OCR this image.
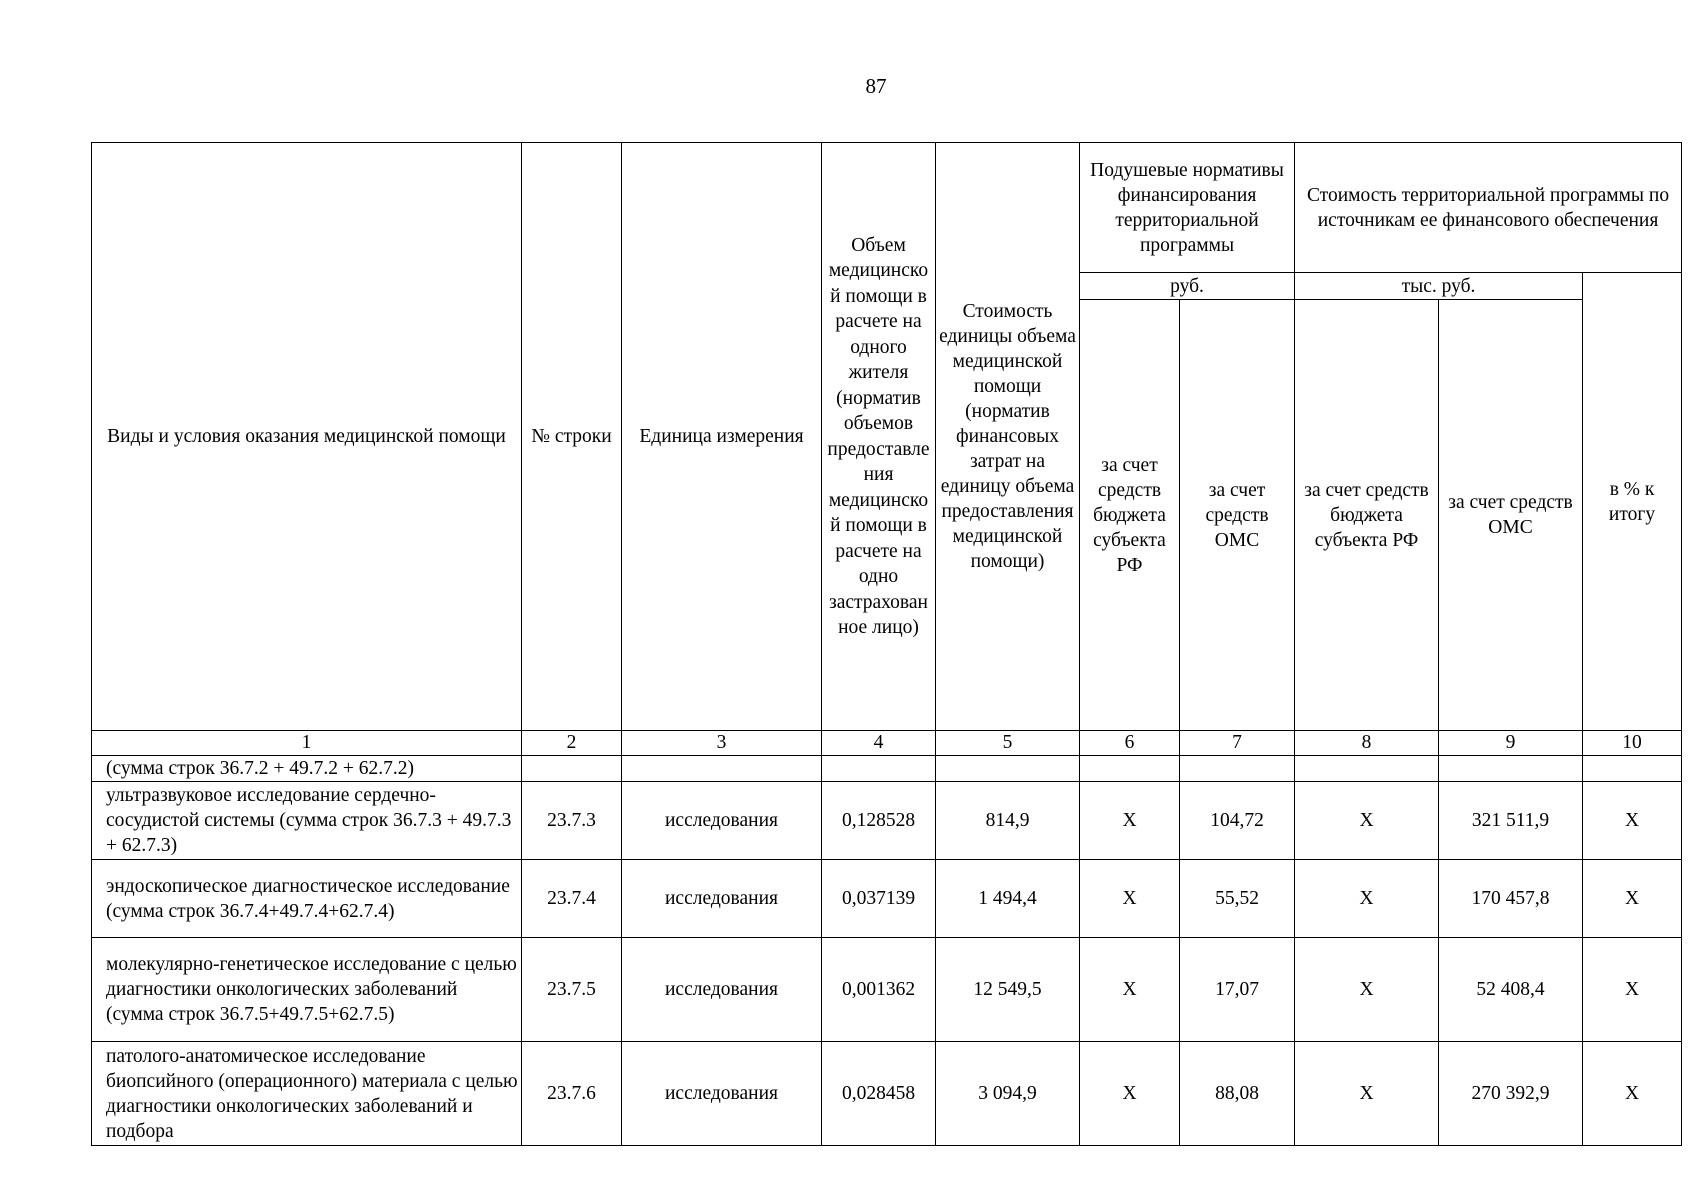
87
Виды и условия оказания медицинской помощи	№ строки	Единица измерения	Объем медицинской помощи в расчете на одного жителя (норматив объемов предоставления медицинской помощи в расчете на одно застрахованное лицо)	Стоимость единицы объема медицинской помощи (норматив финансовых затрат на единицу объема предоставления медицинской помощи)	Подушевые нормативы финансирования территориальной программы		Стоимость территориальной программы по источникам ее финансового обеспечения		
					руб.		тыс. руб.		в % к итогу
					за счет средств бюджета субъекта РФ	за счет средств ОМС	за счет средств бюджета субъекта РФ	за счет средств ОМС	
1	2	3	4	5	6	7	8	9	10
(сумма строк 36.7.2 + 49.7.2 + 62.7.2)									
ультразвуковое исследование сердечно-сосудистой системы (сумма строк 36.7.3 + 49.7.3 + 62.7.3)	23.7.3	исследования	0,128528	814,9	X	104,72	X	321 511,9	X
эндоскопическое диагностическое исследование (сумма строк 36.7.4+49.7.4+62.7.4)	23.7.4	исследования	0,037139	1 494,4	X	55,52	X	170 457,8	X
молекулярно-генетическое исследование с целью диагностики онкологических заболеваний (сумма строк 36.7.5+49.7.5+62.7.5)	23.7.5	исследования	0,001362	12 549,5	X	17,07	X	52 408,4	X
патолого-анатомическое исследование биопсийного (операционного) материала с целью диагностики онкологических заболеваний и подбора	23.7.6	исследования	0,028458	3 094,9	X	88,08	X	270 392,9	X
